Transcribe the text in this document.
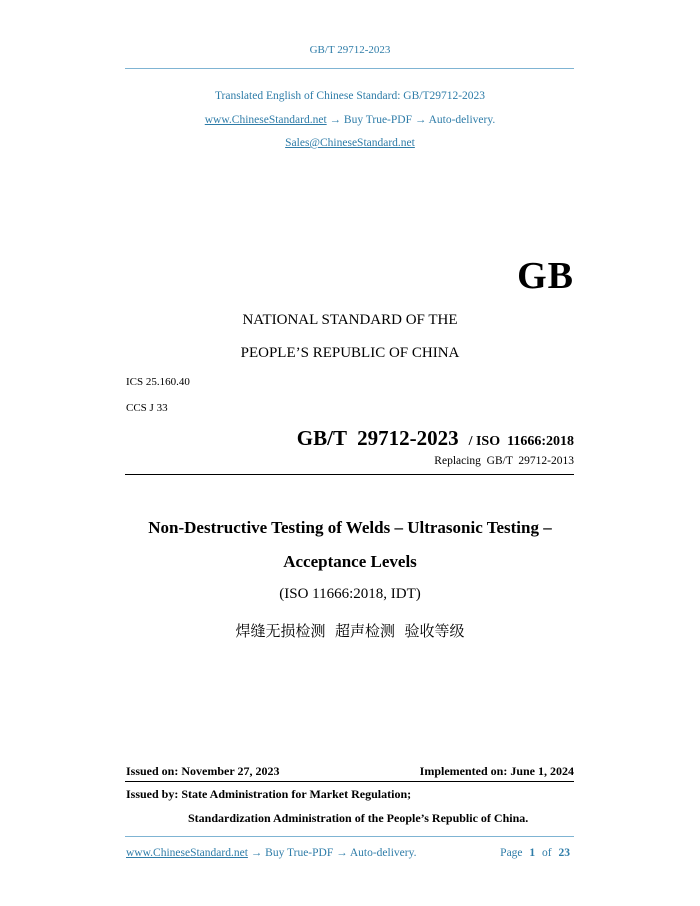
GB/T 29712-2023
Translated English of Chinese Standard: GB/T29712-2023
www.ChineseStandard.net → Buy True-PDF → Auto-delivery.
Sales@ChineseStandard.net
GB
NATIONAL STANDARD OF THE
PEOPLE’S REPUBLIC OF CHINA
ICS 25.160.40
CCS J 33
GB/T  29712-2023 / ISO  11666:2018
Replacing  GB/T  29712-2013
Non-Destructive Testing of Welds – Ultrasonic Testing –
Acceptance Levels
(ISO 11666:2018, IDT)
焊缝无损检测  超声检测  验收等级
Issued on: November 27, 2023	Implemented on: June 1, 2024
Issued by: State Administration for Market Regulation;
Standardization Administration of the People’s Republic of China.
www.ChineseStandard.net → Buy True-PDF → Auto-delivery.	Page 1 of 23
